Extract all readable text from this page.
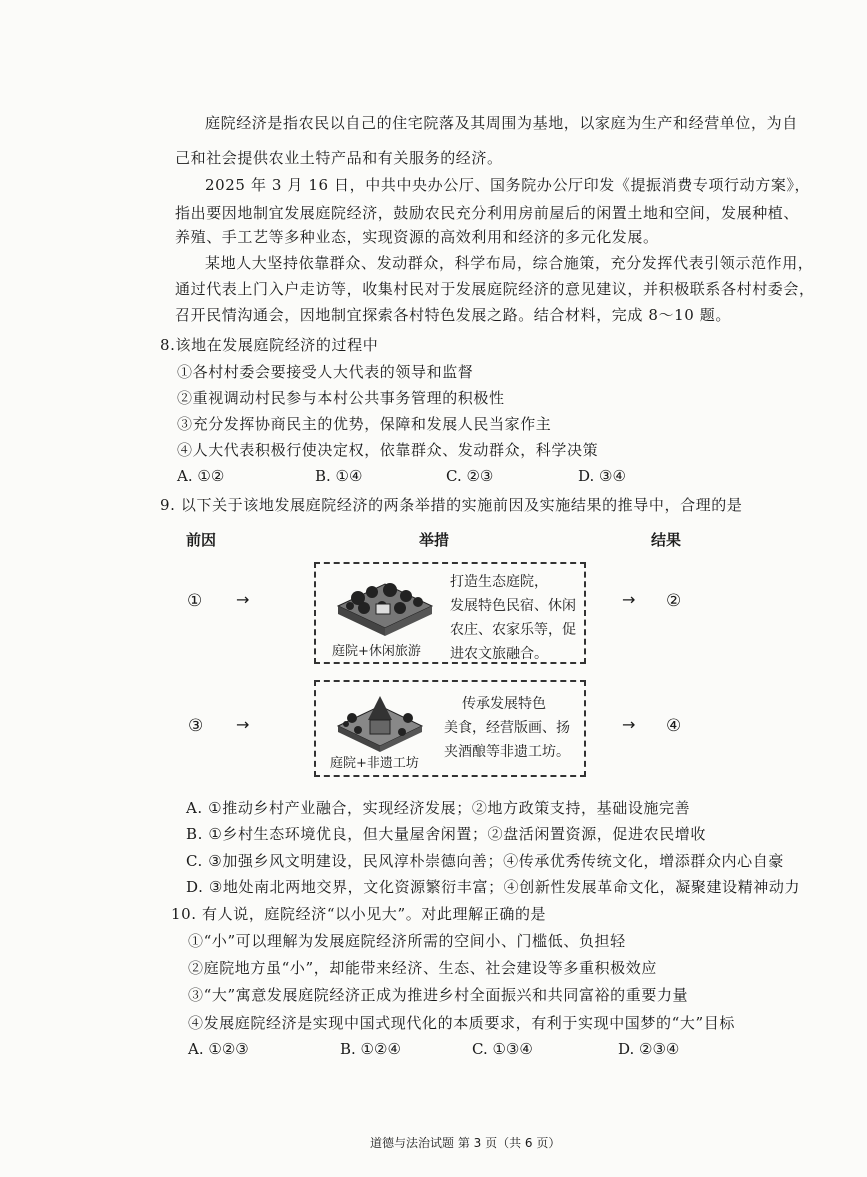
庭院经济是指农民以自己的住宅院落及其周围为基地，以家庭为生产和经营单位，为自
己和社会提供农业土特产品和有关服务的经济。
2025 年 3 月 16 日，中共中央办公厅、国务院办公厅印发《提振消费专项行动方案》，
指出要因地制宜发展庭院经济，鼓励农民充分利用房前屋后的闲置土地和空间，发展种植、
养殖、手工艺等多种业态，实现资源的高效利用和经济的多元化发展。
某地人大坚持依靠群众、发动群众，科学布局，综合施策，充分发挥代表引领示范作用，
通过代表上门入户走访等，收集村民对于发展庭院经济的意见建议，并积极联系各村村委会，
召开民情沟通会，因地制宜探索各村特色发展之路。结合材料，完成 8～10 题。
8.该地在发展庭院经济的过程中
①各村村委会要接受人大代表的领导和监督
②重视调动村民参与本村公共事务管理的积极性
③充分发挥协商民主的优势，保障和发展人民当家作主
④人大代表积极行使决定权，依靠群众、发动群众，科学决策
A. ①②	B. ①④	C. ②③	D. ③④
9. 以下关于该地发展庭院经济的两条举措的实施前因及实施结果的推导中，合理的是
前因	举措	结果
① →
庭院+休闲旅游
打造生态庭院，
发展特色民宿、休闲
农庄、农家乐等，促
进农文旅融合。
→ ②
③ →
庭院+非遗工坊
传承发展特色
美食，经营版画、扬
夹酒酿等非遗工坊。
→ ④
A. ①推动乡村产业融合，实现经济发展；②地方政策支持，基础设施完善
B. ①乡村生态环境优良，但大量屋舍闲置；②盘活闲置资源，促进农民增收
C. ③加强乡风文明建设，民风淳朴崇德向善；④传承优秀传统文化，增添群众内心自豪
D. ③地处南北两地交界，文化资源繁衍丰富；④创新性发展革命文化，凝聚建设精神动力
10. 有人说，庭院经济“以小见大”。对此理解正确的是
①“小”可以理解为发展庭院经济所需的空间小、门槛低、负担轻
②庭院地方虽“小”，却能带来经济、生态、社会建设等多重积极效应
③“大”寓意发展庭院经济正成为推进乡村全面振兴和共同富裕的重要力量
④发展庭院经济是实现中国式现代化的本质要求，有利于实现中国梦的“大”目标
A. ①②③	B. ①②④	C. ①③④	D. ②③④
道德与法治试题 第 3 页（共 6 页）
